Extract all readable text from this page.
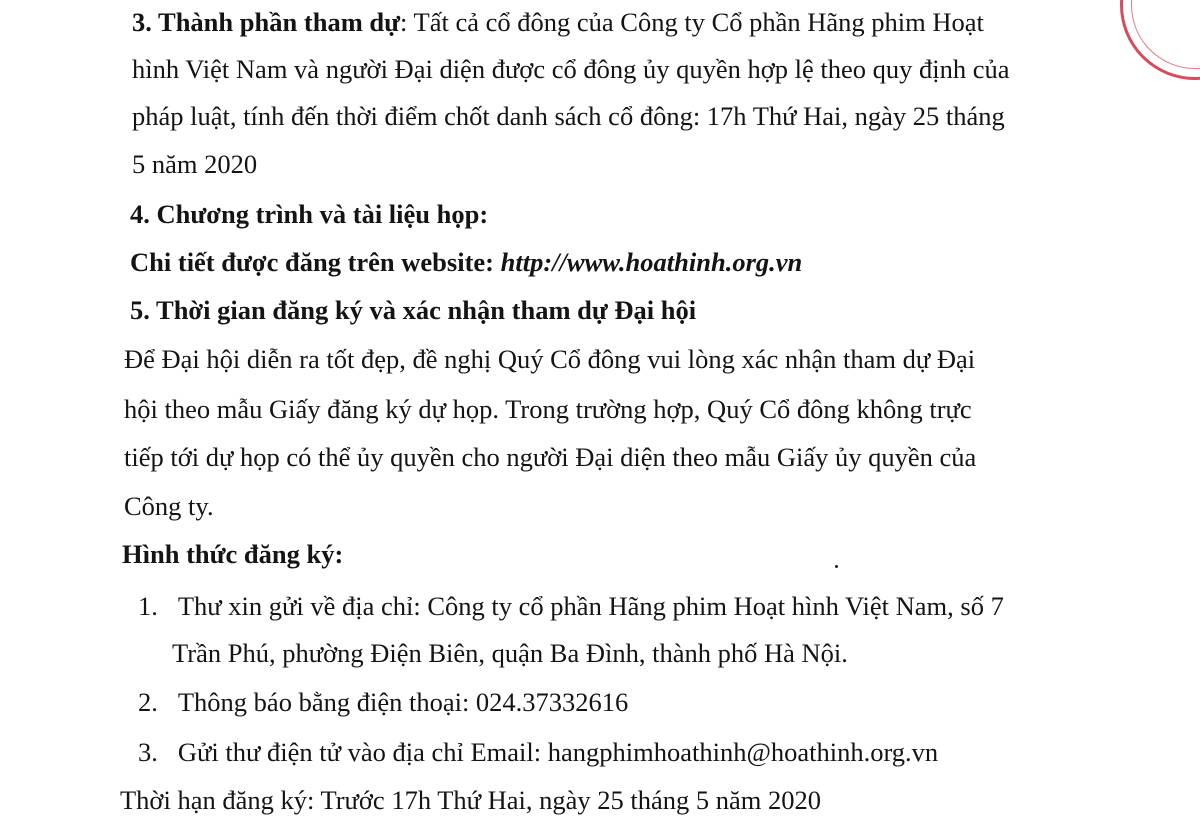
3. Thành phần tham dự: Tất cả cổ đông của Công ty Cổ phần Hãng phim Hoạt
hình Việt Nam và người Đại diện được cổ đông ủy quyền hợp lệ theo quy định của
pháp luật, tính đến thời điểm chốt danh sách cổ đông: 17h Thứ Hai, ngày 25 tháng
5 năm 2020
4. Chương trình và tài liệu họp:
Chi tiết được đăng trên website: http://www.hoathinh.org.vn
5. Thời gian đăng ký và xác nhận tham dự Đại hội
Để Đại hội diễn ra tốt đẹp, đề nghị Quý Cổ đông vui lòng xác nhận tham dự Đại
hội theo mẫu Giấy đăng ký dự họp. Trong trường hợp, Quý Cổ đông không trực
tiếp tới dự họp có thể ủy quyền cho người Đại diện theo mẫu Giấy ủy quyền của
Công ty.
Hình thức đăng ký:
1. Thư xin gửi về địa chỉ: Công ty cổ phần Hãng phim Hoạt hình Việt Nam, số 7
Trần Phú, phường Điện Biên, quận Ba Đình, thành phố Hà Nội.
2. Thông báo bằng điện thoại: 024.37332616
3. Gửi thư điện tử vào địa chỉ Email: hangphimhoathinh@hoathinh.org.vn
Thời hạn đăng ký: Trước 17h Thứ Hai, ngày 25 tháng 5 năm 2020
